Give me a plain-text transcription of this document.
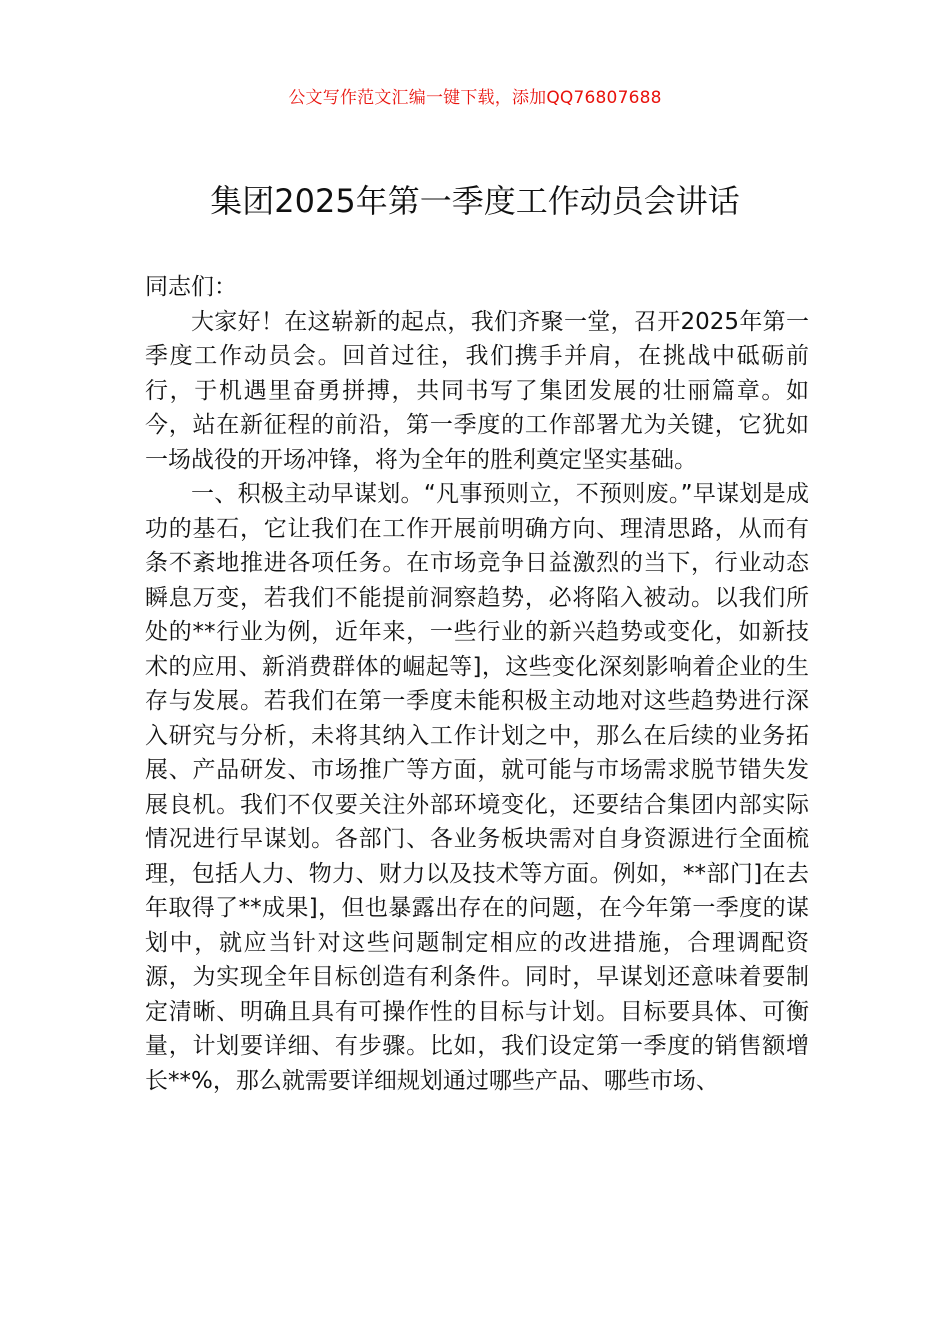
公文写作范文汇编一键下载，添加QQ76807688
集团2025年第一季度工作动员会讲话

同志们：

大家好！在这崭新的起点，我们齐聚一堂，召开2025年第一季度工作动员会。回首过往，我们携手并肩，在挑战中砥砺前行，于机遇里奋勇拼搏，共同书写了集团发展的壮丽篇章。如今，站在新征程的前沿，第一季度的工作部署尤为关键，它犹如一场战役的开场冲锋，将为全年的胜利奠定坚实基础。

一、积极主动早谋划。“凡事预则立，不预则废。”早谋划是成功的基石，它让我们在工作开展前明确方向、理清思路，从而有条不紊地推进各项任务。在市场竞争日益激烈的当下，行业动态瞬息万变，若我们不能提前洞察趋势，必将陷入被动。以我们所处的**行业为例，近年来，一些行业的新兴趋势或变化，如新技术的应用、新消费群体的崛起等]，这些变化深刻影响着企业的生存与发展。若我们在第一季度未能积极主动地对这些趋势进行深入研究与分析，未将其纳入工作计划之中，那么在后续的业务拓展、产品研发、市场推广等方面，就可能与市场需求脱节错失发展良机。我们不仅要关注外部环境变化，还要结合集团内部实际情况进行早谋划。各部门、各业务板块需对自身资源进行全面梳理，包括人力、物力、财力以及技术等方面。例如，**部门]在去年取得了**成果]，但也暴露出存在的问题，在今年第一季度的谋划中，就应当针对这些问题制定相应的改进措施，合理调配资源，为实现全年目标创造有利条件。同时，早谋划还意味着要制定清晰、明确且具有可操作性的目标与计划。目标要具体、可衡量，计划要详细、有步骤。比如，我们设定第一季度的销售额增长**%，那么就需要详细规划通过哪些产品、哪些市场、
